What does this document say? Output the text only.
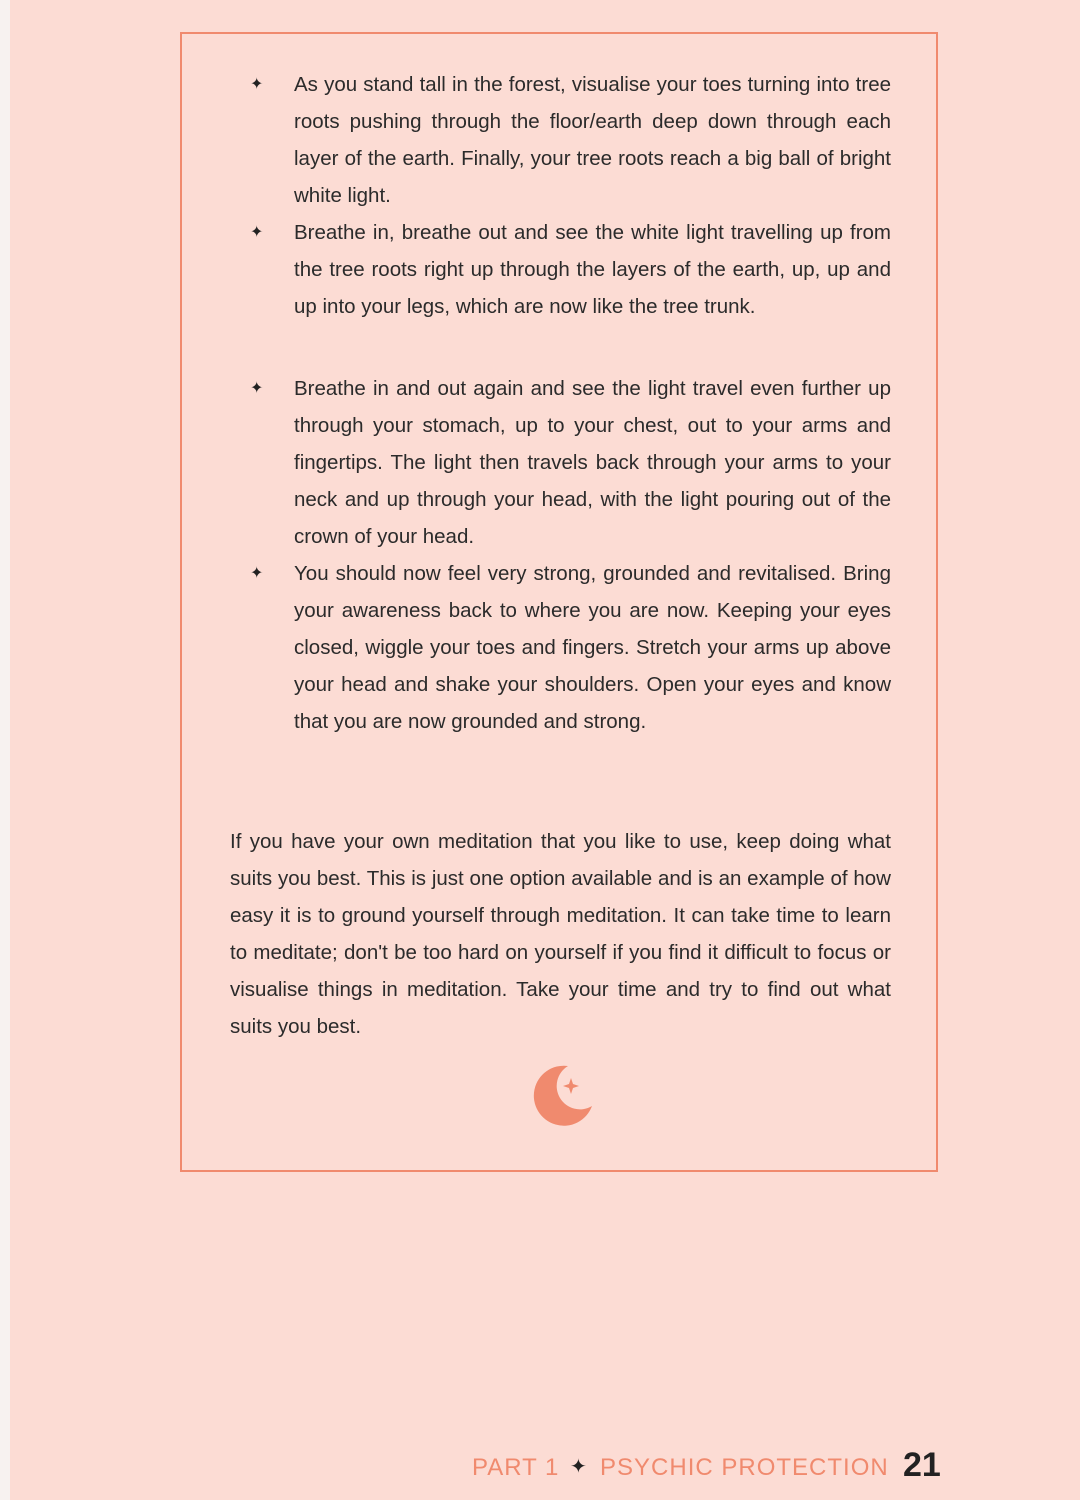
✦ As you stand tall in the forest, visualise your toes turning into tree roots pushing through the floor/earth deep down through each layer of the earth. Finally, your tree roots reach a big ball of bright white light.

✦ Breathe in, breathe out and see the white light travelling up from the tree roots right up through the layers of the earth, up, up and up into your legs, which are now like the tree trunk.

✦ Breathe in and out again and see the light travel even further up through your stomach, up to your chest, out to your arms and fingertips. The light then travels back through your arms to your neck and up through your head, with the light pouring out of the crown of your head.

✦ You should now feel very strong, grounded and revitalised. Bring your awareness back to where you are now. Keeping your eyes closed, wiggle your toes and fingers. Stretch your arms up above your head and shake your shoulders. Open your eyes and know that you are now grounded and strong.

If you have your own meditation that you like to use, keep doing what suits you best. This is just one option available and is an example of how easy it is to ground yourself through meditation. It can take time to learn to meditate; don't be too hard on yourself if you find it difficult to focus or visualise things in meditation. Take your time and try to find out what suits you best.

PART 1 ✦ PSYCHIC PROTECTION 21
